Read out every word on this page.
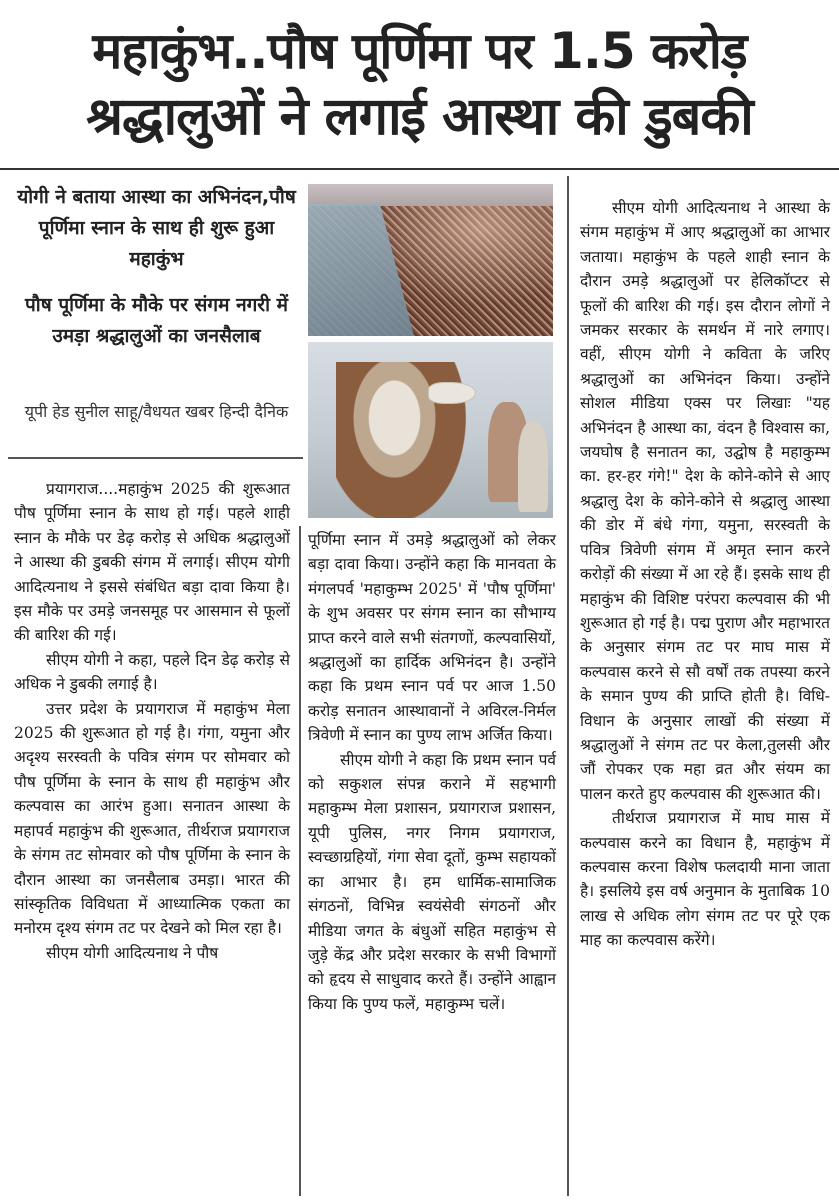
महाकुंभ..पौष पूर्णिमा पर 1.5 करोड़
श्रद्धालुओं ने लगाई आस्था की डुबकी
योगी ने बताया आस्था का अभिनंदन,पौष पूर्णिमा स्नान के साथ ही शुरू हुआ महाकुंभ
पौष पूर्णिमा के मौके पर संगम नगरी में उमड़ा श्रद्धालुओं का जनसैलाब
यूपी हेड सुनील साहू/वैधयत खबर हिन्दी दैनिक

प्रयागराज....महाकुंभ 2025 की शुरूआत पौष पूर्णिमा स्नान के साथ हो गई। पहले शाही स्नान के मौके पर डेढ़ करोड़ से अधिक श्रद्धालुओं ने आस्था की डुबकी संगम में लगाई। सीएम योगी आदित्यनाथ ने इससे संबंधित बड़ा दावा किया है। इस मौके पर उमड़े जनसमूह पर आसमान से फूलों की बारिश की गई।

सीएम योगी ने कहा, पहले दिन डेढ़ करोड़ से अधिक ने डुबकी लगाई है।

उत्तर प्रदेश के प्रयागराज में महाकुंभ मेला 2025 की शुरूआत हो गई है। गंगा, यमुना और अदृश्य सरस्वती के पवित्र संगम पर सोमवार को पौष पूर्णिमा के स्नान के साथ ही महाकुंभ और कल्पवास का आरंभ हुआ। सनातन आस्था के महापर्व महाकुंभ की शुरूआत, तीर्थराज प्रयागराज के संगम तट सोमवार को पौष पूर्णिमा के स्नान के दौरान आस्था का जनसैलाब उमड़ा। भारत की सांस्कृतिक विविधता में आध्यात्मिक एकता का मनोरम दृश्य संगम तट पर देखने को मिल रहा है।

सीएम योगी आदित्यनाथ ने पौष

पूर्णिमा स्नान में उमड़े श्रद्धालुओं को लेकर बड़ा दावा किया। उन्होंने कहा कि मानवता के मंगलपर्व 'महाकुम्भ 2025' में 'पौष पूर्णिमा' के शुभ अवसर पर संगम स्नान का सौभाग्य प्राप्त करने वाले सभी संतगणों, कल्पवासियों, श्रद्धालुओं का हार्दिक अभिनंदन है। उन्होंने कहा कि प्रथम स्नान पर्व पर आज 1.50 करोड़ सनातन आस्थावानों ने अविरल-निर्मल त्रिवेणी में स्नान का पुण्य लाभ अर्जित किया।

सीएम योगी ने कहा कि प्रथम स्नान पर्व को सकुशल संपन्न कराने में सहभागी महाकुम्भ मेला प्रशासन, प्रयागराज प्रशासन, यूपी पुलिस, नगर निगम प्रयागराज, स्वच्छाग्रहियों, गंगा सेवा दूतों, कुम्भ सहायकों का आभार है। हम धार्मिक-सामाजिक संगठनों, विभिन्न स्वयंसेवी संगठनों और मीडिया जगत के बंधुओं सहित महाकुंभ से जुड़े केंद्र और प्रदेश सरकार के सभी विभागों को हृदय से साधुवाद करते हैं। उन्होंने आह्वान किया कि पुण्य फलें, महाकुम्भ चलें।

सीएम योगी आदित्यनाथ ने आस्था के संगम महाकुंभ में आए श्रद्धालुओं का आभार जताया। महाकुंभ के पहले शाही स्नान के दौरान उमड़े श्रद्धालुओं पर हेलिकॉप्टर से फूलों की बारिश की गई। इस दौरान लोगों ने जमकर सरकार के समर्थन में नारे लगाए। वहीं, सीएम योगी ने कविता के जरिए श्रद्धालुओं का अभिनंदन किया। उन्होंने सोशल मीडिया एक्स पर लिखाः "यह अभिनंदन है आस्था का, वंदन है विश्वास का, जयघोष है सनातन का, उद्घोष है महाकुम्भ का. हर-हर गंगे!" देश के कोने-कोने से आए श्रद्धालु देश के कोने-कोने से श्रद्धालु आस्था की डोर में बंधे गंगा, यमुना, सरस्वती के पवित्र त्रिवेणी संगम में अमृत स्नान करने करोड़ों की संख्या में आ रहे हैं। इसके साथ ही महाकुंभ की विशिष्ट परंपरा कल्पवास की भी शुरूआत हो गई है। पद्म पुराण और महाभारत के अनुसार संगम तट पर माघ मास में कल्पवास करने से सौ वर्षों तक तपस्या करने के समान पुण्य की प्राप्ति होती है। विधि-विधान के अनुसार लाखों की संख्या में श्रद्धालुओं ने संगम तट पर केला,तुलसी और जौं रोपकर एक महा व्रत और संयम का पालन करते हुए कल्पवास की शुरूआत की।

तीर्थराज प्रयागराज में माघ मास में कल्पवास करने का विधान है, महाकुंभ में कल्पवास करना विशेष फलदायी माना जाता है। इसलिये इस वर्ष अनुमान के मुताबिक 10 लाख से अधिक लोग संगम तट पर पूरे एक माह का कल्पवास करेंगे।
